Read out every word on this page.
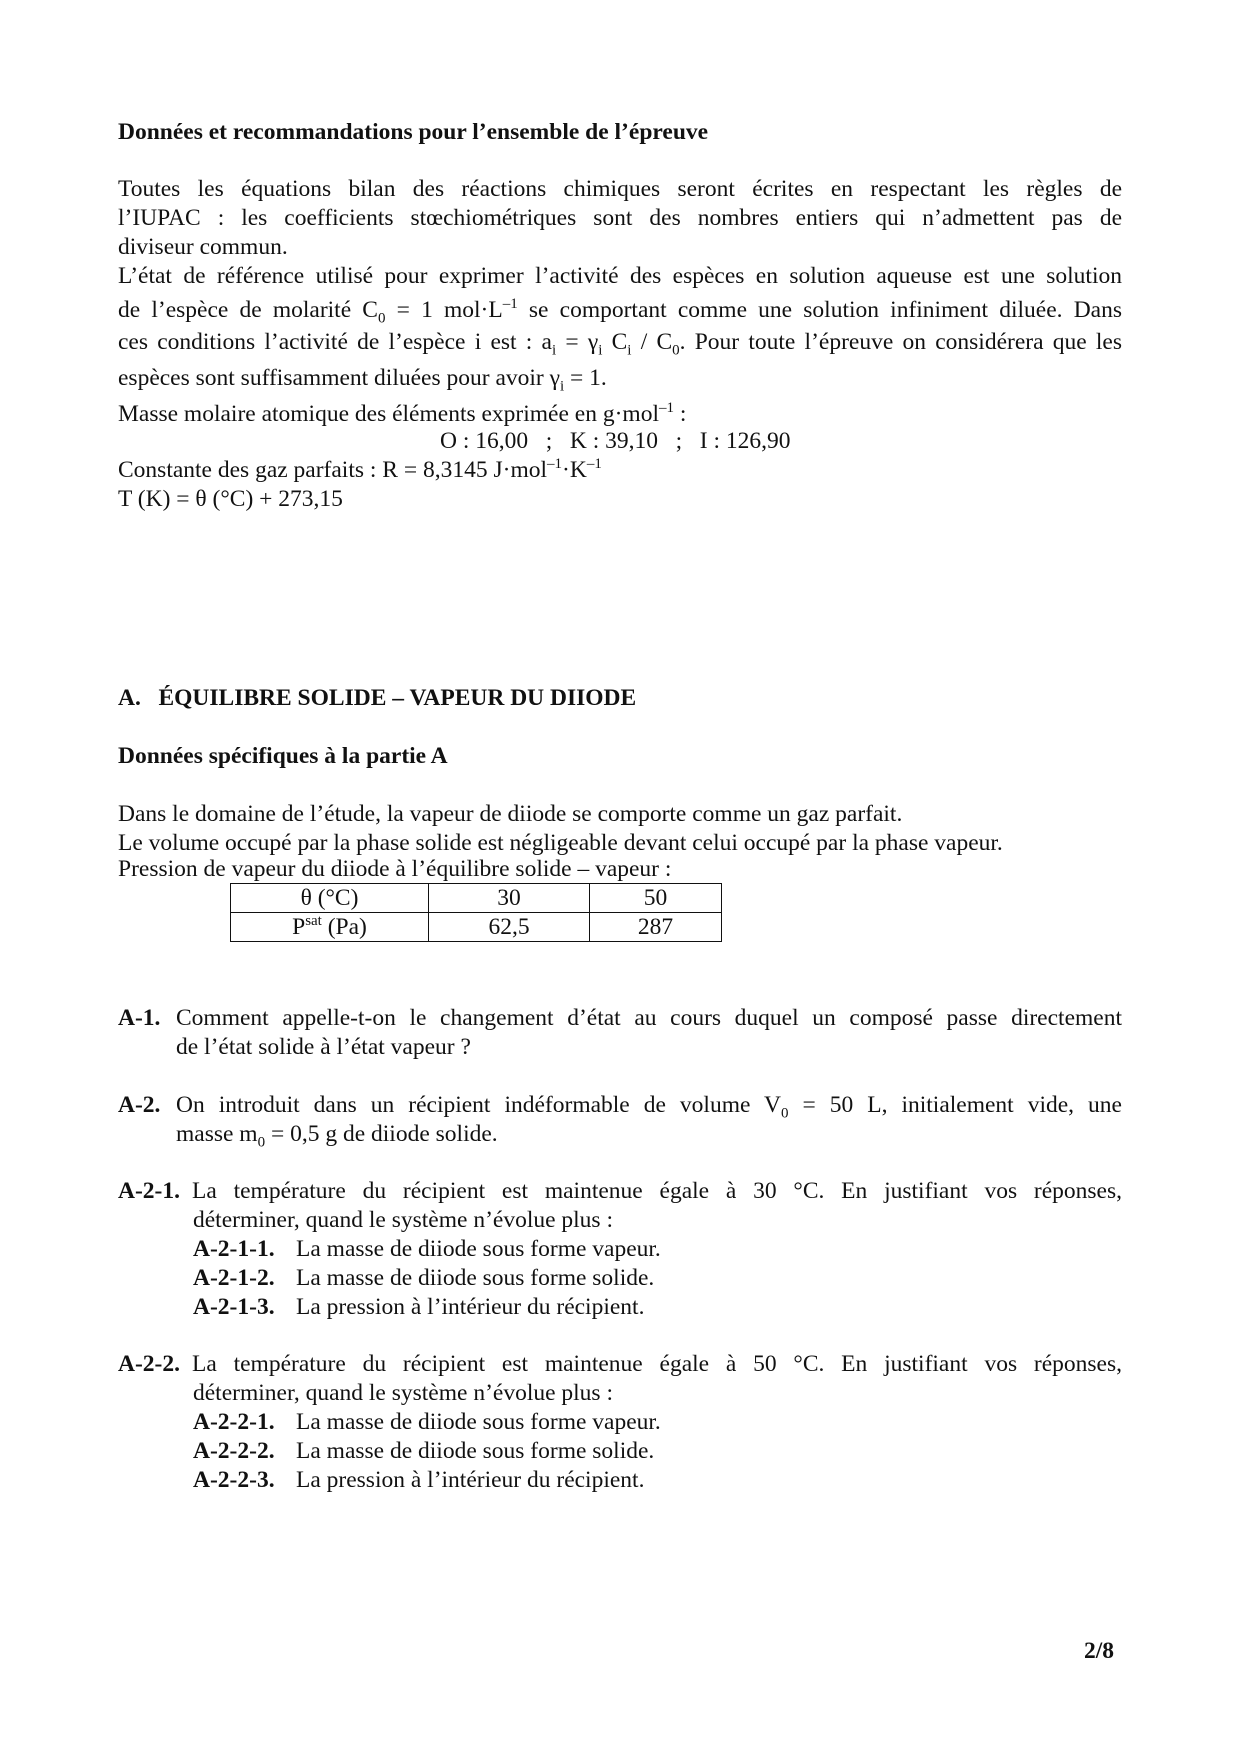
Données et recommandations pour l’ensemble de l’épreuve
Toutes les équations bilan des réactions chimiques seront écrites en respectant les règles de
l’IUPAC : les coefficients stœchiométriques sont des nombres entiers qui n’admettent pas de
diviseur commun.
L’état de référence utilisé pour exprimer l’activité des espèces en solution aqueuse est une solution
de l’espèce de molarité $C_0 = 1$ $mol\cdot L^{-1}$ se comportant comme une solution infiniment diluée. Dans
ces conditions l’activité de l’espèce i est : $a_i = \gamma_i$ $C_i / C_0$. Pour toute l’épreuve on considérera que les
espèces sont suffisamment diluées pour avoir $\gamma_i = 1$.
Masse molaire atomique des éléments exprimée en g·mol$^{-1}$ :
O : 16,00   ;   K : 39,10   ;   I : 126,90
Constante des gaz parfaits : R = 8,3145 $J\cdot mol^{-1}\cdot K^{-1}$
T (K) = θ (°C) + 273,15
A.   ÉQUILIBRE SOLIDE – VAPEUR DU DIIODE
Données spécifiques à la partie A
Dans le domaine de l’étude, la vapeur de diiode se comporte comme un gaz parfait.
Le volume occupé par la phase solide est négligeable devant celui occupé par la phase vapeur.
Pression de vapeur du diiode à l’équilibre solide – vapeur :
θ (°C)	30	50
$P^{sat}$ (Pa)	62,5	287
A-1. Comment appelle-t-on le changement d’état au cours duquel un composé passe directement
de l’état solide à l’état vapeur ?
A-2. On introduit dans un récipient indéformable de volume $V_0 = 50$ L, initialement vide, une
masse $m_0 = 0,5$ g de diiode solide.
A-2-1. La température du récipient est maintenue égale à 30 °C. En justifiant vos réponses,
déterminer, quand le système n’évolue plus :
A-2-1-1. La masse de diiode sous forme vapeur.
A-2-1-2. La masse de diiode sous forme solide.
A-2-1-3. La pression à l’intérieur du récipient.
A-2-2. La température du récipient est maintenue égale à 50 °C. En justifiant vos réponses,
déterminer, quand le système n’évolue plus :
A-2-2-1. La masse de diiode sous forme vapeur.
A-2-2-2. La masse de diiode sous forme solide.
A-2-2-3. La pression à l’intérieur du récipient.
2/8
